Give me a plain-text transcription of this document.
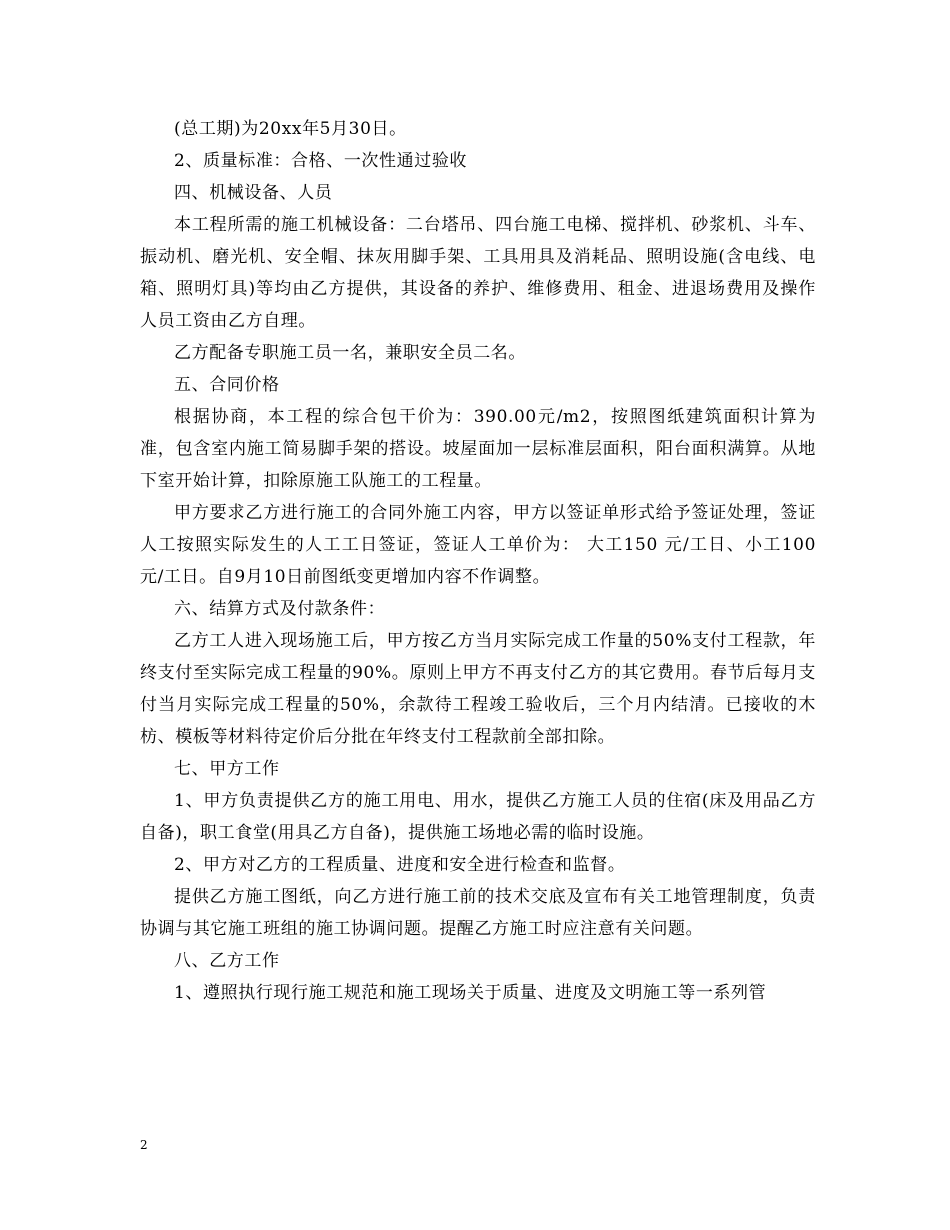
(总工期)为20xx年5月30日。

2、质量标准：合格、一次性通过验收

四、机械设备、人员

本工程所需的施工机械设备：二台塔吊、四台施工电梯、搅拌机、砂浆机、斗车、振动机、磨光机、安全帽、抹灰用脚手架、工具用具及消耗品、照明设施(含电线、电箱、照明灯具)等均由乙方提供，其设备的养护、维修费用、租金、进退场费用及操作人员工资由乙方自理。

乙方配备专职施工员一名，兼职安全员二名。

五、合同价格

根据协商，本工程的综合包干价为：390.00元/m2，按照图纸建筑面积计算为准，包含室内施工简易脚手架的搭设。坡屋面加一层标准层面积，阳台面积满算。从地下室开始计算，扣除原施工队施工的工程量。

甲方要求乙方进行施工的合同外施工内容，甲方以签证单形式给予签证处理，签证人工按照实际发生的人工工日签证，签证人工单价为： 大工150 元/工日、小工100 元/工日。自9月10日前图纸变更增加内容不作调整。

六、结算方式及付款条件：

乙方工人进入现场施工后，甲方按乙方当月实际完成工作量的50%支付工程款，年终支付至实际完成工程量的90%。原则上甲方不再支付乙方的其它费用。春节后每月支付当月实际完成工程量的50%，余款待工程竣工验收后，三个月内结清。已接收的木枋、模板等材料待定价后分批在年终支付工程款前全部扣除。

七、甲方工作

1、甲方负责提供乙方的施工用电、用水，提供乙方施工人员的住宿(床及用品乙方自备)，职工食堂(用具乙方自备)，提供施工场地必需的临时设施。

2、甲方对乙方的工程质量、进度和安全进行检查和监督。

提供乙方施工图纸，向乙方进行施工前的技术交底及宣布有关工地管理制度，负责协调与其它施工班组的施工协调问题。提醒乙方施工时应注意有关问题。

八、乙方工作

1、遵照执行现行施工规范和施工现场关于质量、进度及文明施工等一系列管

2
